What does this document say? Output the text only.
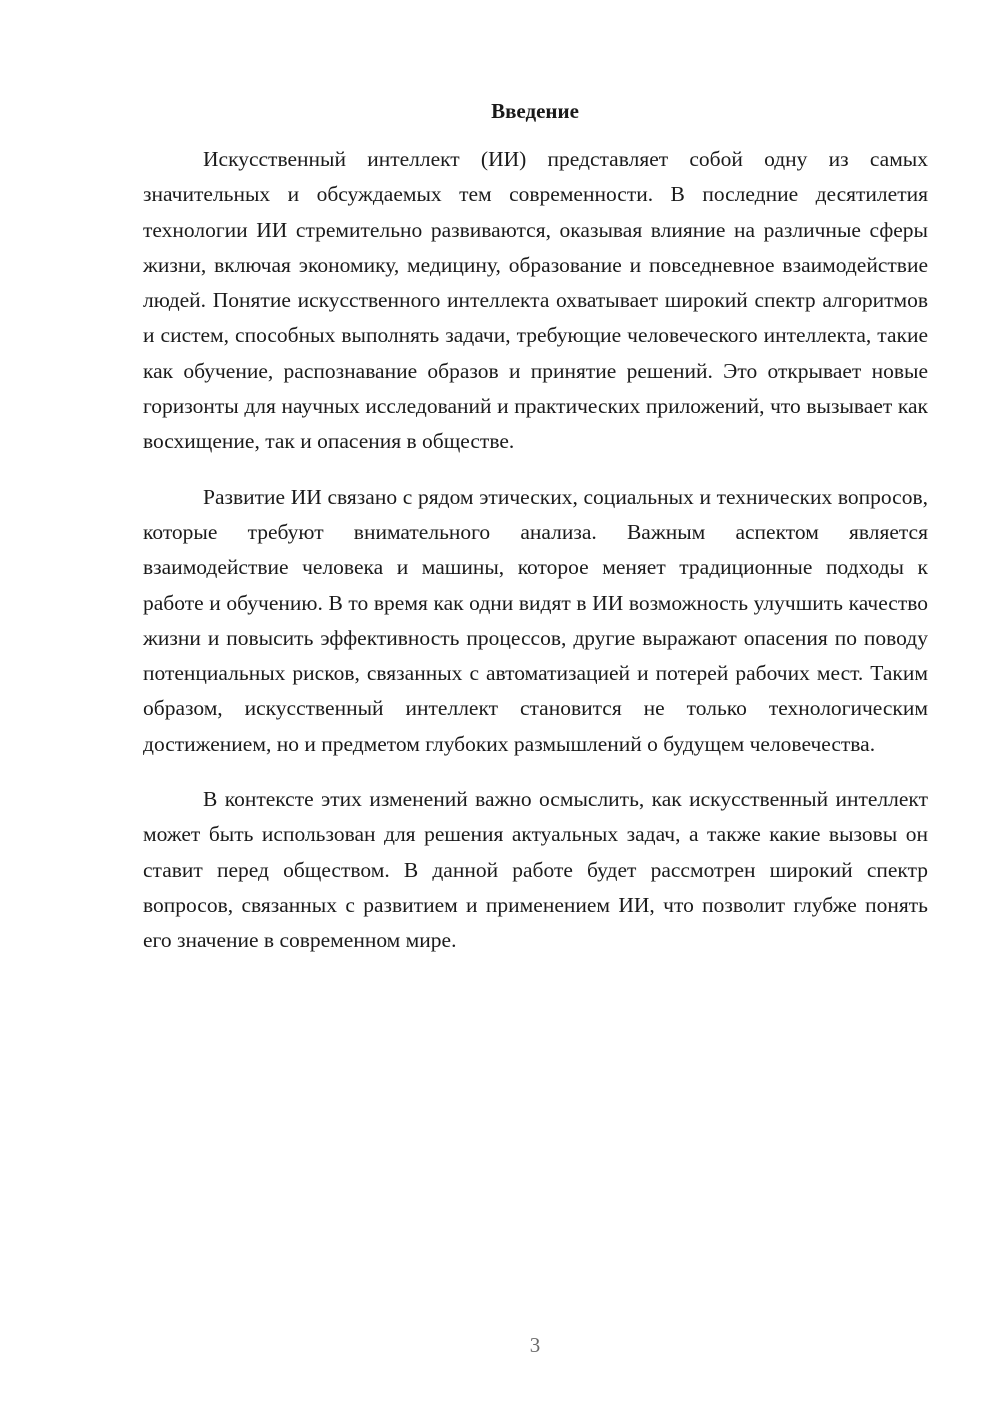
Введение

Искусственный интеллект (ИИ) представляет собой одну из самых значительных и обсуждаемых тем современности. В последние десятилетия технологии ИИ стремительно развиваются, оказывая влияние на различные сферы жизни, включая экономику, медицину, образование и повседневное взаимодействие людей. Понятие искусственного интеллекта охватывает широкий спектр алгоритмов и систем, способных выполнять задачи, требующие человеческого интеллекта, такие как обучение, распознавание образов и принятие решений. Это открывает новые горизонты для научных исследований и практических приложений, что вызывает как восхищение, так и опасения в обществе.

Развитие ИИ связано с рядом этических, социальных и технических вопросов, которые требуют внимательного анализа. Важным аспектом является взаимодействие человека и машины, которое меняет традиционные подходы к работе и обучению. В то время как одни видят в ИИ возможность улучшить качество жизни и повысить эффективность процессов, другие выражают опасения по поводу потенциальных рисков, связанных с автоматизацией и потерей рабочих мест. Таким образом, искусственный интеллект становится не только технологическим достижением, но и предметом глубоких размышлений о будущем человечества.

В контексте этих изменений важно осмыслить, как искусственный интеллект может быть использован для решения актуальных задач, а также какие вызовы он ставит перед обществом. В данной работе будет рассмотрен широкий спектр вопросов, связанных с развитием и применением ИИ, что позволит глубже понять его значение в современном мире.

3
